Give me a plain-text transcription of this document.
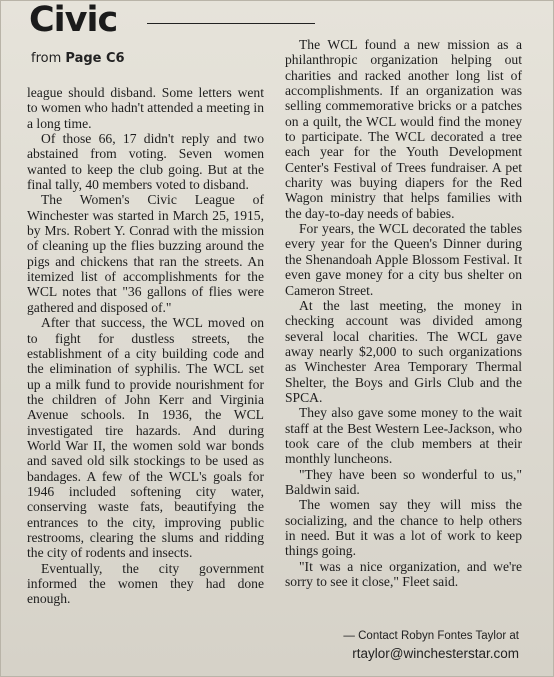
Civic
from Page C6

league should disband. Some letters went to women who hadn't attended a meeting in a long time.

Of those 66, 17 didn't reply and two abstained from voting. Seven women wanted to keep the club going. But at the final tally, 40 members voted to disband.

The Women's Civic League of Winchester was started in March 25, 1915, by Mrs. Robert Y. Conrad with the mission of cleaning up the flies buzzing around the pigs and chickens that ran the streets. An itemized list of accomplishments for the WCL notes that "36 gallons of flies were gathered and disposed of."

After that success, the WCL moved on to fight for dustless streets, the establishment of a city building code and the elimination of syphilis. The WCL set up a milk fund to provide nourishment for the children of John Kerr and Virginia Avenue schools. In 1936, the WCL investigated tire hazards. And during World War II, the women sold war bonds and saved old silk stockings to be used as bandages. A few of the WCL's goals for 1946 included softening city water, conserving waste fats, beautifying the entrances to the city, improving public restrooms, clearing the slums and ridding the city of rodents and insects.

Eventually, the city government informed the women they had done enough.

The WCL found a new mission as a philanthropic organization helping out charities and racked another long list of accomplishments. If an organization was selling commemorative bricks or a patches on a quilt, the WCL would find the money to participate. The WCL decorated a tree each year for the Youth Development Center's Festival of Trees fundraiser. A pet charity was buying diapers for the Red Wagon ministry that helps families with the day-to-day needs of babies.

For years, the WCL decorated the tables every year for the Queen's Dinner during the Shenandoah Apple Blossom Festival. It even gave money for a city bus shelter on Cameron Street.

At the last meeting, the money in checking account was divided among several local charities. The WCL gave away nearly $2,000 to such organizations as Winchester Area Temporary Thermal Shelter, the Boys and Girls Club and the SPCA.

They also gave some money to the wait staff at the Best Western Lee-Jackson, who took care of the club members at their monthly luncheons.

"They have been so wonderful to us," Baldwin said.

The women say they will miss the socializing, and the chance to help others in need. But it was a lot of work to keep things going.

"It was a nice organization, and we're sorry to see it close," Fleet said.

— Contact Robyn Fontes Taylor at
rtaylor@winchesterstar.com
